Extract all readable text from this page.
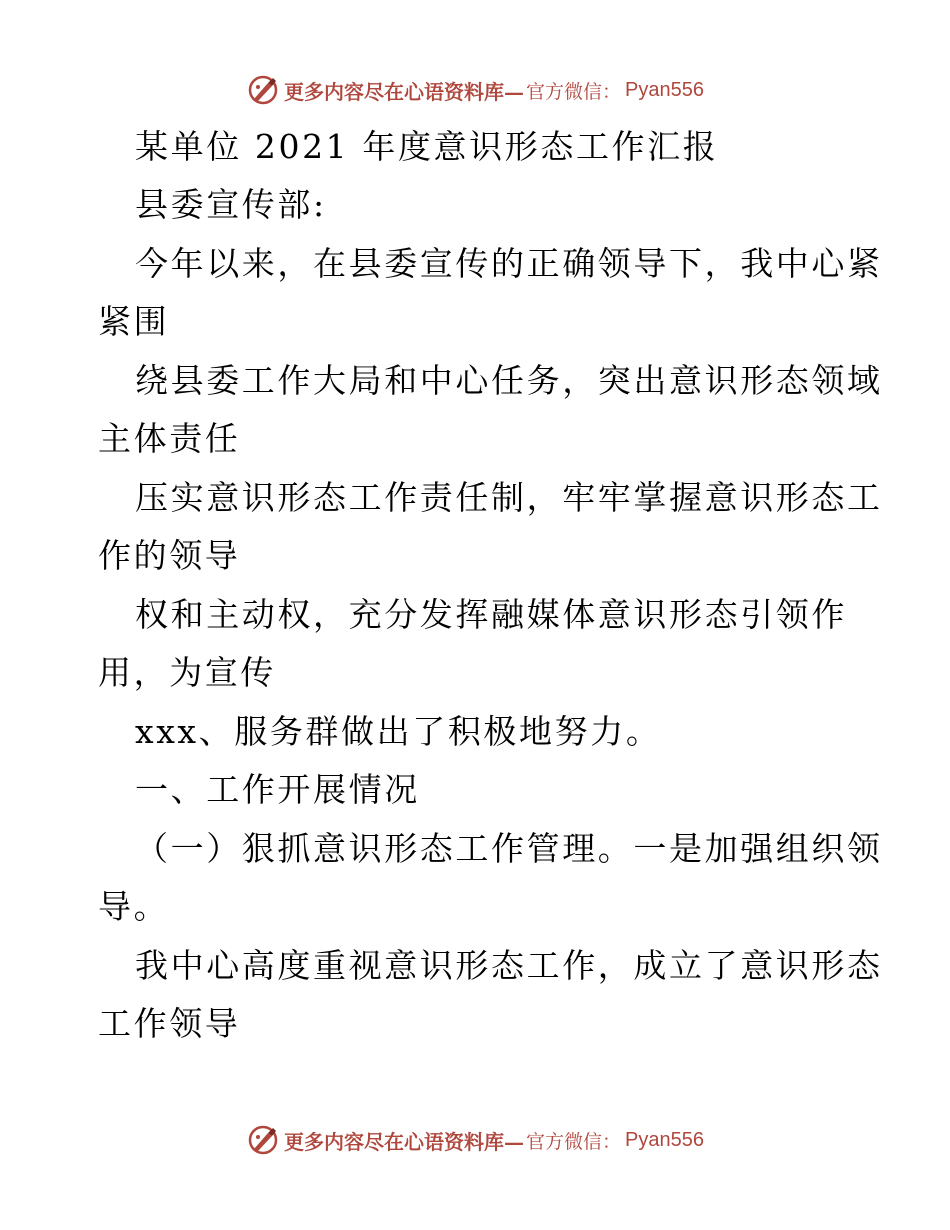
更多内容尽在心语资料库— 官方微信： Pyan556
某单位 2021 年度意识形态工作汇报
县委宣传部:
今年以来，在县委宣传的正确领导下，我中心紧
紧围
绕县委工作大局和中心任务，突出意识形态领域
主体责任
压实意识形态工作责任制，牢牢掌握意识形态工
作的领导
权和主动权，充分发挥融媒体意识形态引领作
用，为宣传
xxx、服务群做出了积极地努力。
一、工作开展情况
（一）狠抓意识形态工作管理。一是加强组织领
导。
我中心高度重视意识形态工作，成立了意识形态
工作领导
更多内容尽在心语资料库— 官方微信： Pyan556
